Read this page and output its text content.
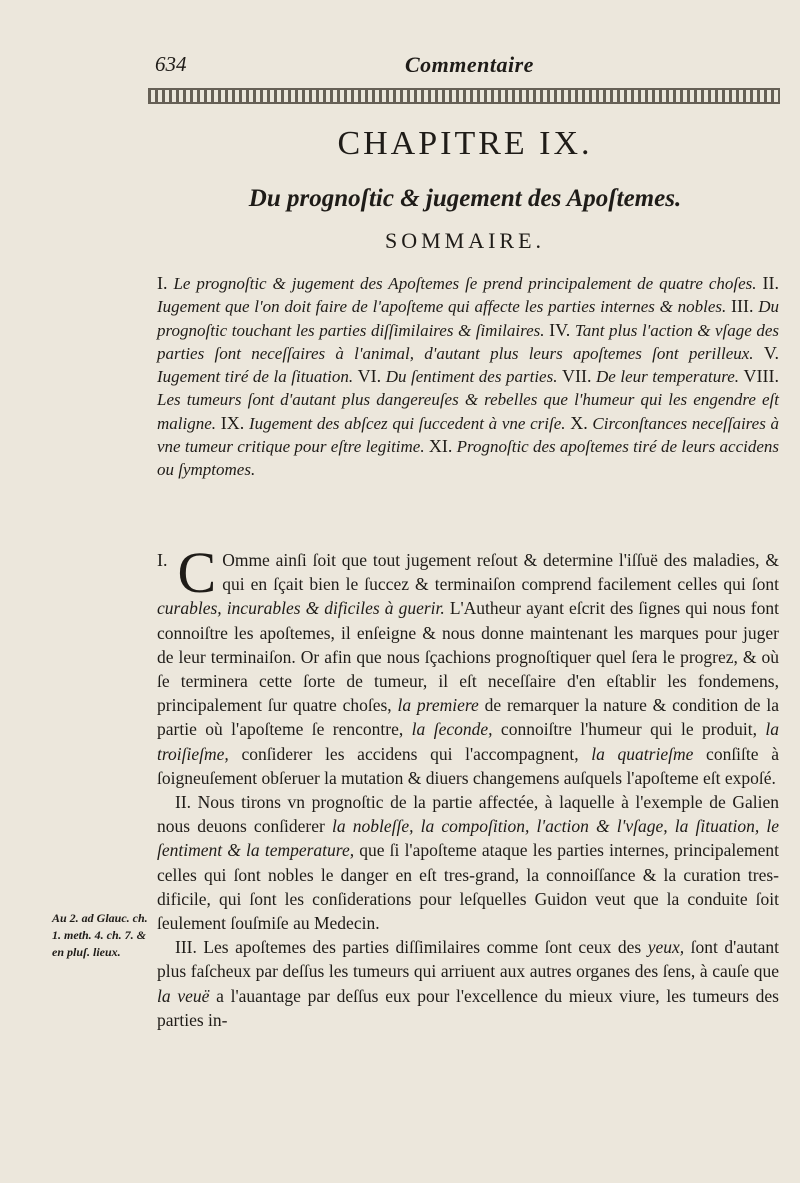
634	Commentaire
CHAPITRE IX.
Du prognoſtic & jugement des Apoſtemes.
SOMMAIRE.
I. Le prognoſtic & jugement des Apoſtemes ſe prend principalement de quatre choſes. II. Iugement que l'on doit faire de l'apoſteme qui affecte les parties internes & nobles. III. Du prognoſtic touchant les parties diſſimilaires & ſimilaires. IV. Tant plus l'action & vſage des parties ſont neceſſaires à l'animal, d'autant plus leurs apoſtemes ſont perilleux. V. Iugement tiré de la ſituation. VI. Du ſentiment des parties. VII. De leur temperature. VIII. Les tumeurs ſont d'autant plus dangereuſes & rebelles que l'humeur qui les engendre eſt maligne. IX. Iugement des abſcez qui ſuccedent à vne criſe. X. Circonſtances neceſſaires à vne tumeur critique pour eſtre legitime. XI. Prognoſtic des apoſtemes tiré de leurs accidens ou ſymptomes.

I. C Omme ainſi ſoit que tout jugement reſout & determine l'iſſuë des maladies, & qui en ſçait bien le ſuccez & terminaiſon comprend facilement celles qui ſont curables, incurables & dificiles à guerir. L'Autheur ayant eſcrit des ſignes qui nous font connoiſtre les apoſtemes, il enſeigne & nous donne maintenant les marques pour juger de leur terminaiſon. Or afin que nous ſçachions prognoſtiquer quel ſera le progrez, & où ſe terminera cette ſorte de tumeur, il eſt neceſſaire d'en eſtablir les fondemens, principalement ſur quatre choſes, la premiere de remarquer la nature & condition de la partie où l'apoſteme ſe rencontre, la ſeconde, connoiſtre l'humeur qui le produit, la troiſieſme, conſiderer les accidens qui l'accompagnent, la quatrieſme conſiſte à ſoigneuſement obſeruer la mutation & diuers changemens auſquels l'apoſteme eſt expoſé.

II. Nous tirons vn prognoſtic de la partie affectée, à laquelle à l'exemple de Galien nous deuons conſiderer la nobleſſe, la compoſition, l'action & l'vſage, la ſituation, le ſentiment & la temperature, que ſi l'apoſteme ataque les parties internes, principalement celles qui ſont nobles le danger en eſt tres-grand, la connoiſſance & la curation tres-dificile, qui ſont les conſiderations pour leſquelles Guidon veut que la conduite ſoit ſeulement ſouſmiſe au Medecin.

III. Les apoſtemes des parties diſſimilaires comme ſont ceux des yeux, ſont d'autant plus faſcheux par deſſus les tumeurs qui arriuent aux autres organes des ſens, à cauſe que la veuë a l'auantage par deſſus eux pour l'excellence du mieux viure, les tumeurs des parties in-

Au 2. ad Glauc. ch. 1. meth. 4. ch. 7. & en pluſ. lieux.
